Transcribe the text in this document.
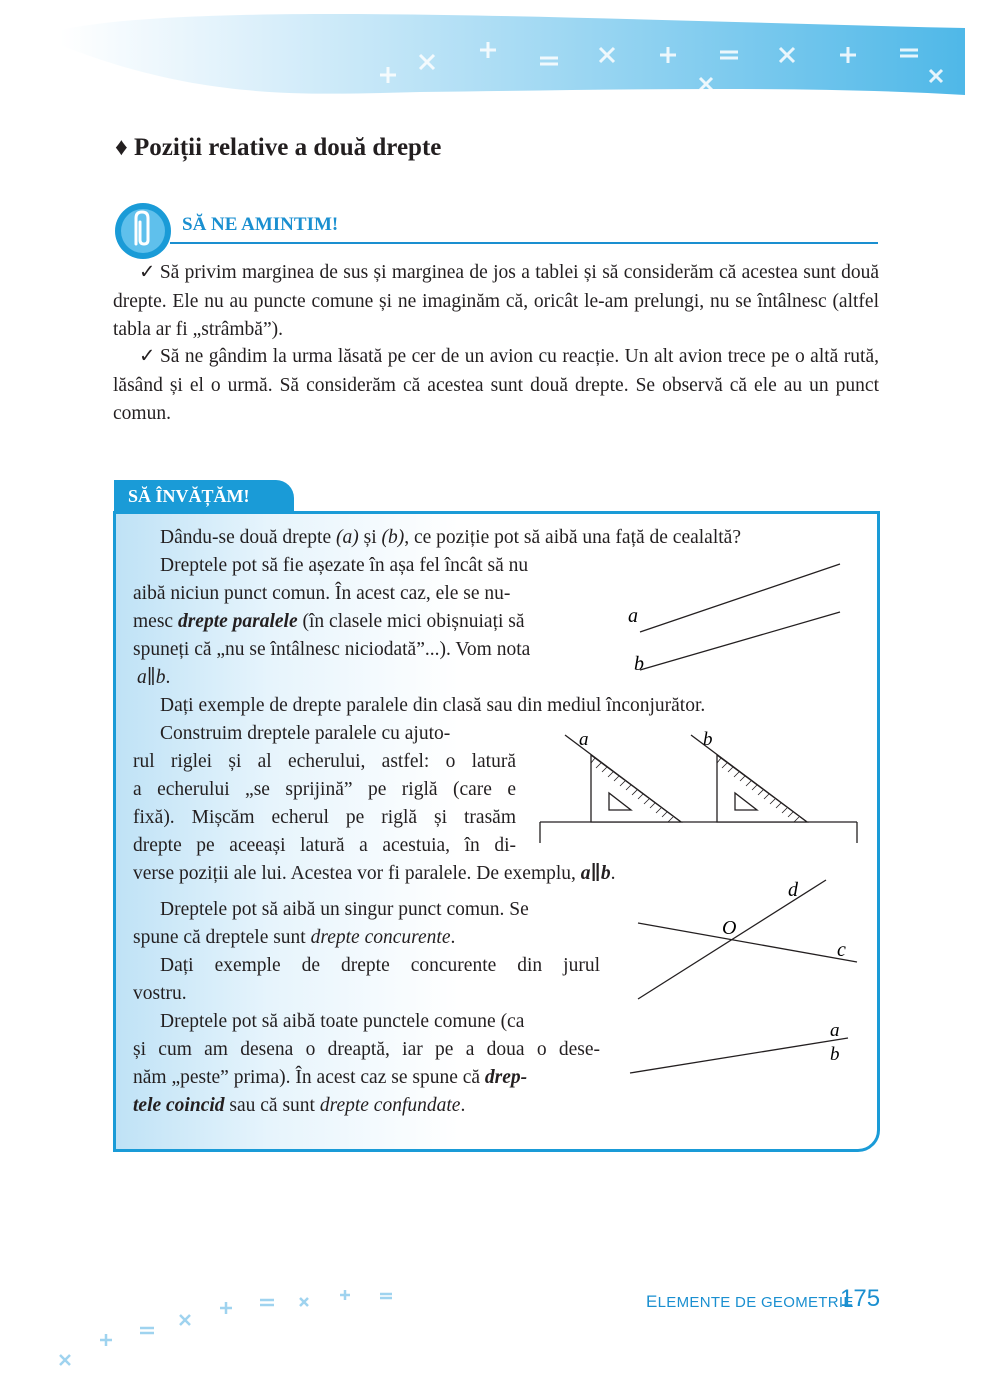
♦ Poziții relative a două drepte
SĂ NE AMINTIM!
✓ Să privim marginea de sus și marginea de jos a tablei și să considerăm că acestea sunt două drepte. Ele nu au puncte comune și ne imaginăm că, oricât le-am prelungi, nu se întâlnesc (altfel tabla ar fi „strâmbă”).
✓ Să ne gândim la urma lăsată pe cer de un avion cu reacție. Un alt avion trece pe o altă rută, lăsând și el o urmă. Să considerăm că acestea sunt două drepte. Se observă că ele au un punct comun.
SĂ ÎNVĂȚĂM!
Dându-se două drepte (a) și (b), ce poziție pot să aibă una față de cealaltă?
Dreptele pot să fie așezate în așa fel încât să nu
aibă niciun punct comun. În acest caz, ele se nu-
mesc drepte paralele (în clasele mici obișnuiați să
spuneți că „nu se întâlnesc niciodată”...). Vom nota
a∥b.
Dați exemple de drepte paralele din clasă sau din mediul înconjurător.
Construim dreptele paralele cu ajuto-
rul riglei și al echerului, astfel: o latură
a echerului „se sprijină” pe riglă (care e
fixă). Mișcăm echerul pe riglă și trasăm
drepte pe aceeași latură a acestuia, în di-
verse poziții ale lui. Acestea vor fi paralele. De exemplu, a∥b.
Dreptele pot să aibă un singur punct comun. Se
spune că dreptele sunt drepte concurente.
Dați exemple de drepte concurente din jurul
vostru.
Dreptele pot să aibă toate punctele comune (ca
și cum am desena o dreaptă, iar pe a doua o dese-
năm „peste” prima). În acest caz se spune că drep-
tele coincid sau că sunt drepte confundate.
a
b
a	b
d
O
c
a
b
ELEMENTE DE GEOMETRIE
175
